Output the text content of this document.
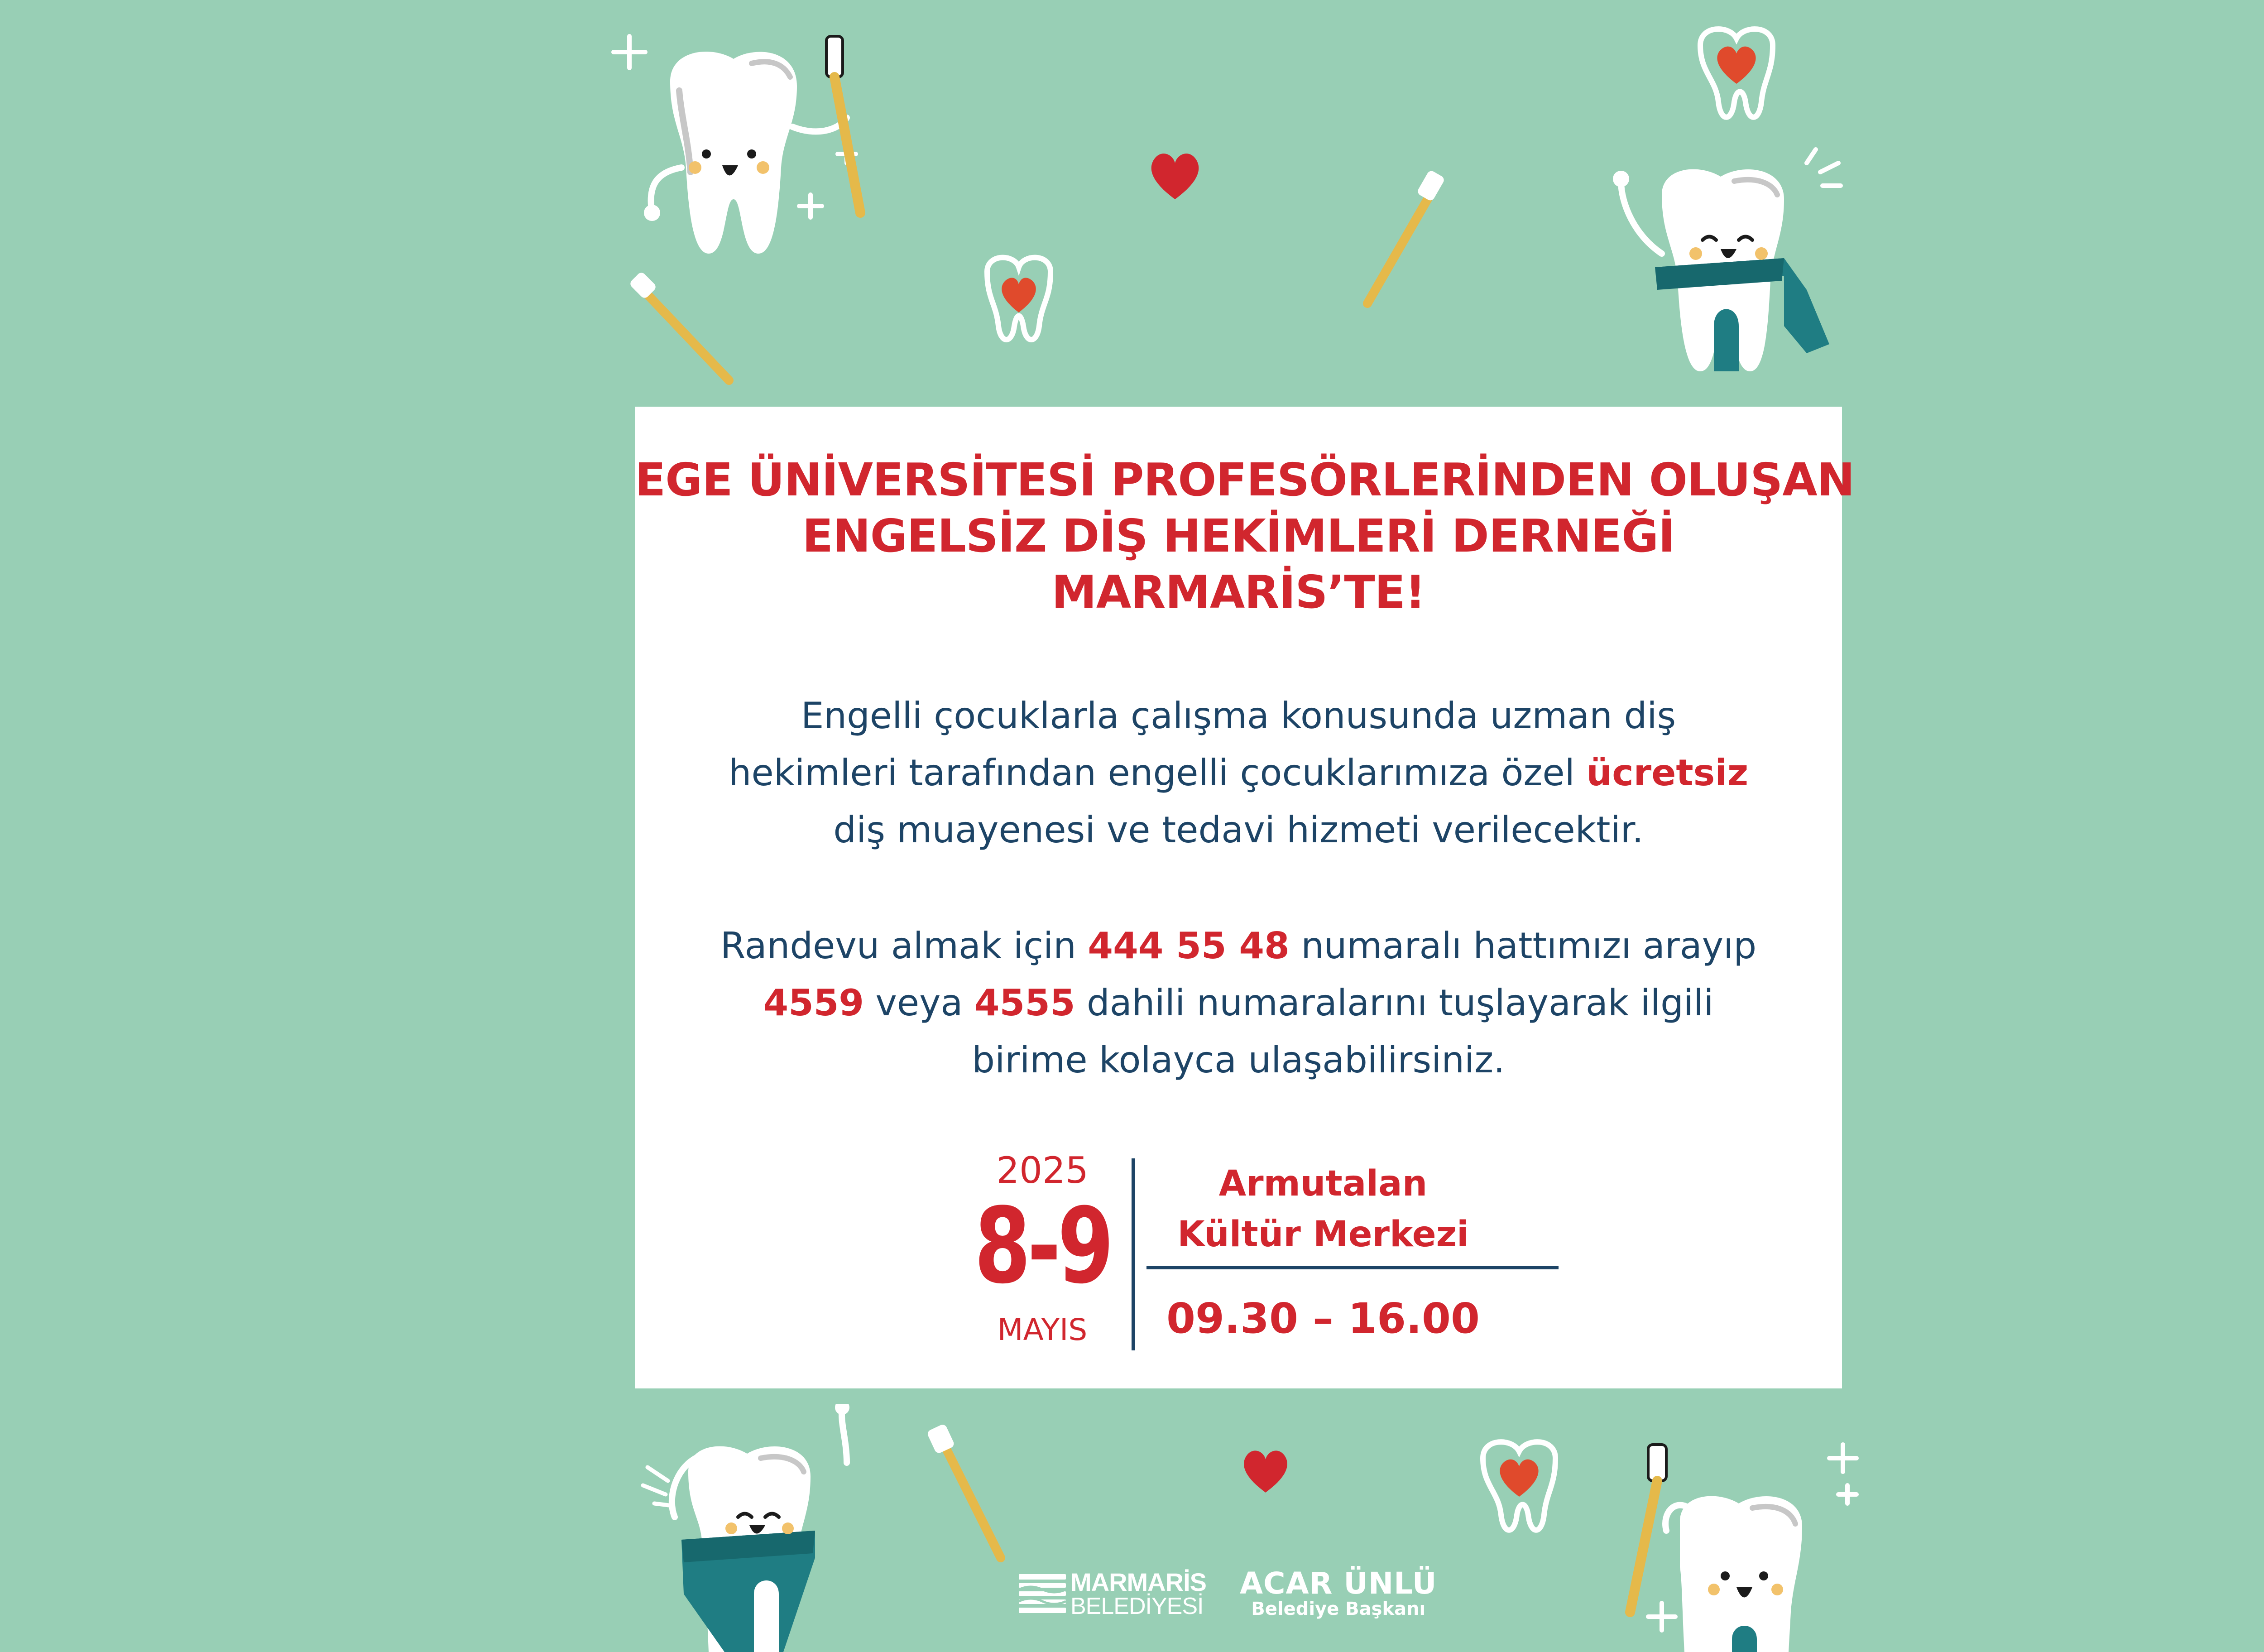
EGE ÜNİVERSİTESİ PROFESÖRLERİNDEN OLUŞAN
ENGELSİZ DİŞ HEKİMLERİ DERNEĞİ
MARMARİS’TE!
Engelli çocuklarla çalışma konusunda uzman diş
hekimleri tarafından engelli çocuklarımıza özel ücretsiz
diş muayenesi ve tedavi hizmeti verilecektir.
Randevu almak için 444 55 48 numaralı hattımızı arayıp
4559 veya 4555 dahili numaralarını tuşlayarak ilgili
birime kolayca ulaşabilirsiniz.
2025
8-9
MAYIS
Armutalan
Kültür Merkezi
09.30 – 16.00
MARMARİS
BELEDİYESİ
ACAR ÜNLÜ
Belediye Başkanı
